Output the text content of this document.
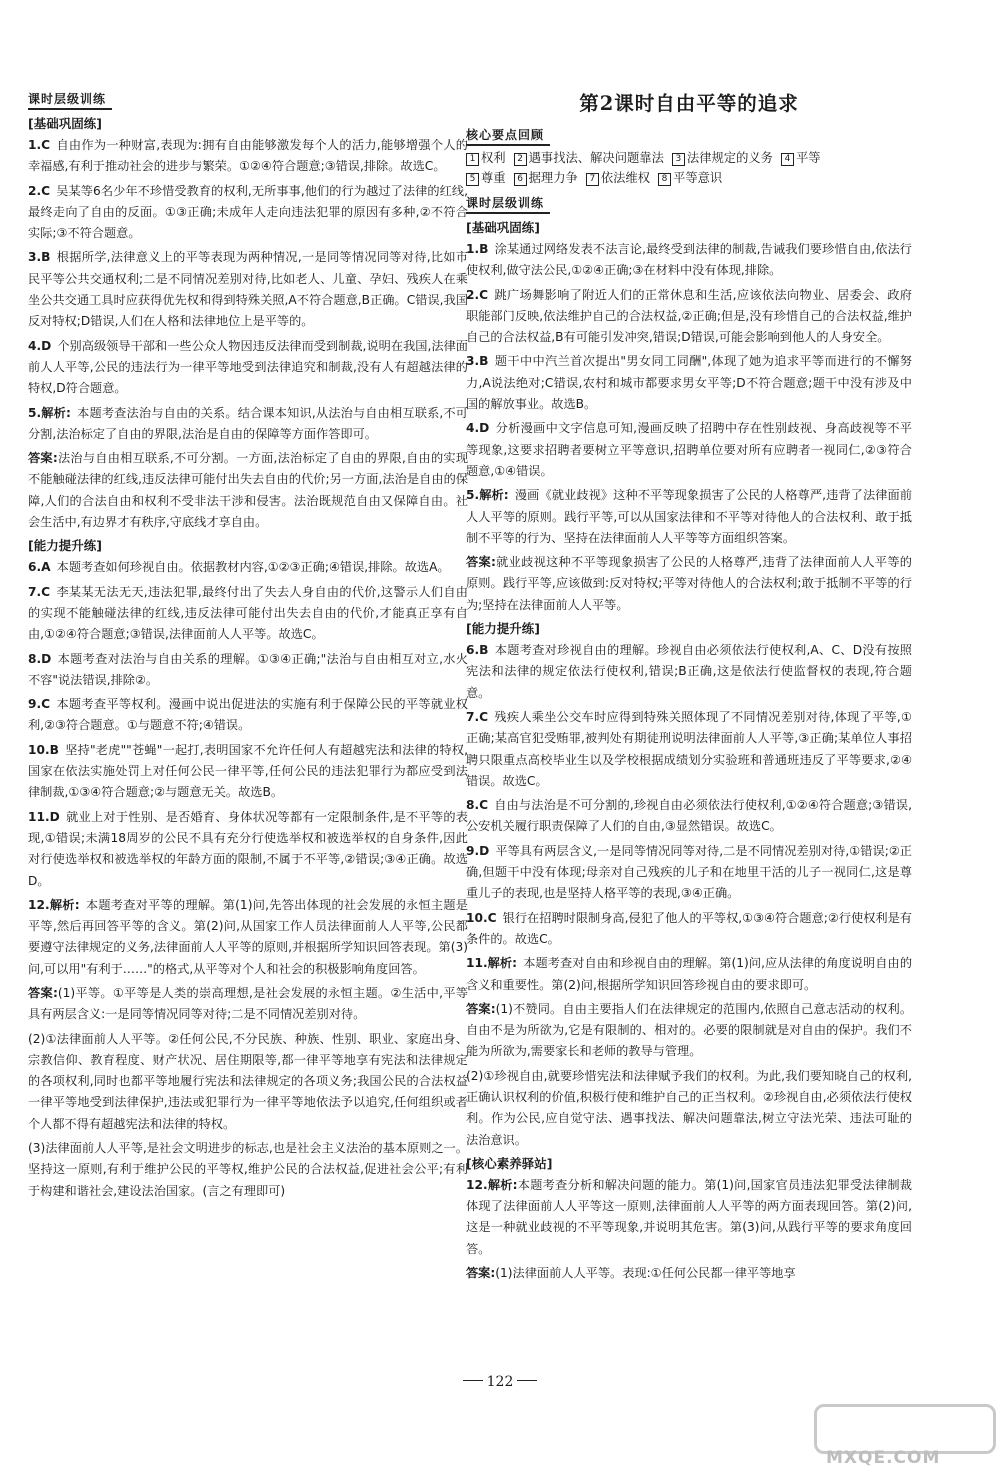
课时层级训练
[基础巩固练]

1.C  自由作为一种财富,表现为:拥有自由能够激发每个人的活力,能够增强个人的幸福感,有利于推动社会的进步与繁荣。①②④符合题意;③错误,排除。故选C。

2.C  吴某等6名少年不珍惜受教育的权利,无所事事,他们的行为越过了法律的红线,最终走向了自由的反面。①③正确;未成年人走向违法犯罪的原因有多种,②不符合实际;③不符合题意。

3.B  根据所学,法律意义上的平等表现为两种情况,一是同等情况同等对待,比如市民平等公共交通权利;二是不同情况差别对待,比如老人、儿童、孕妇、残疾人在乘坐公共交通工具时应获得优先权和得到特殊关照,A不符合题意,B正确。C错误,我国反对特权;D错误,人们在人格和法律地位上是平等的。

4.D  个别高级领导干部和一些公众人物因违反法律而受到制裁,说明在我国,法律面前人人平等,公民的违法行为一律平等地受到法律追究和制裁,没有人有超越法律的特权,D符合题意。

5.解析:  本题考查法治与自由的关系。结合课本知识,从法治与自由相互联系,不可分割,法治标定了自由的界限,法治是自由的保障等方面作答即可。

答案:法治与自由相互联系,不可分割。一方面,法治标定了自由的界限,自由的实现不能触碰法律的红线,违反法律可能付出失去自由的代价;另一方面,法治是自由的保障,人们的合法自由和权利不受非法干涉和侵害。法治既规范自由又保障自由。社会生活中,有边界才有秩序,守底线才享自由。

[能力提升练]

6.A  本题考查如何珍视自由。依据教材内容,①②③正确;④错误,排除。故选A。

7.C  李某某无法无天,违法犯罪,最终付出了失去人身自由的代价,这警示人们自由的实现不能触碰法律的红线,违反法律可能付出失去自由的代价,才能真正享有自由,①②④符合题意;③错误,法律面前人人平等。故选C。

8.D  本题考查对法治与自由关系的理解。①③④正确;"法治与自由相互对立,水火不容"说法错误,排除②。

9.C  本题考查平等权利。漫画中说出促进法的实施有利于保障公民的平等就业权利,②③符合题意。①与题意不符;④错误。

10.B  坚持"老虎""苍蝇"一起打,表明国家不允许任何人有超越宪法和法律的特权,国家在依法实施处罚上对任何公民一律平等,任何公民的违法犯罪行为都应受到法律制裁,①③④符合题意;②与题意无关。故选B。

11.D  就业上对于性别、是否婚育、身体状况等都有一定限制条件,是不平等的表现,①错误;未满18周岁的公民不具有充分行使选举权和被选举权的自身条件,因此对行使选举权和被选举权的年龄方面的限制,不属于不平等,②错误;③④正确。故选D。

12.解析:  本题考查对平等的理解。第(1)问,先答出体现的社会发展的永恒主题是平等,然后再回答平等的含义。第(2)问,从国家工作人员法律面前人人平等,公民都要遵守法律规定的义务,法律面前人人平等的原则,并根据所学知识回答表现。第(3)问,可以用"有利于……"的格式,从平等对个人和社会的积极影响角度回答。

答案:(1)平等。①平等是人类的崇高理想,是社会发展的永恒主题。②生活中,平等具有两层含义:一是同等情况同等对待;二是不同情况差别对待。

(2)①法律面前人人平等。②任何公民,不分民族、种族、性别、职业、家庭出身、宗教信仰、教育程度、财产状况、居住期限等,都一律平等地享有宪法和法律规定的各项权利,同时也都平等地履行宪法和法律规定的各项义务;我国公民的合法权益一律平等地受到法律保护,违法或犯罪行为一律平等地依法予以追究,任何组织或者个人都不得有超越宪法和法律的特权。

(3)法律面前人人平等,是社会文明进步的标志,也是社会主义法治的基本原则之一。坚持这一原则,有利于维护公民的平等权,维护公民的合法权益,促进社会公平;有利于构建和谐社会,建设法治国家。(言之有理即可)

第2课时自由平等的追求
核心要点回顾
1 权利 2 遇事找法、解决问题靠法 3 法律规定的义务 4 平等
5 尊重 6 据理力争 7 依法维权 8 平等意识
课时层级训练
[基础巩固练]

1.B  涂某通过网络发表不法言论,最终受到法律的制裁,告诫我们要珍惜自由,依法行使权利,做守法公民,①②④正确;③在材料中没有体现,排除。

2.C  跳广场舞影响了附近人们的正常休息和生活,应该依法向物业、居委会、政府职能部门反映,依法维护自己的合法权益,②正确;但是,没有珍惜自己的合法权益,维护自己的合法权益,B有可能引发冲突,错误;D错误,可能会影响到他人的人身安全。

3.B  题干中中汽兰首次提出"男女同工同酬",体现了她为追求平等而进行的不懈努力,A说法绝对;C错误,农村和城市都要求男女平等;D不符合题意;题干中没有涉及中国的解放事业。故选B。

4.D  分析漫画中文字信息可知,漫画反映了招聘中存在性别歧视、身高歧视等不平等现象,这要求招聘者要树立平等意识,招聘单位要对所有应聘者一视同仁,②③符合题意,①④错误。

5.解析:  漫画《就业歧视》这种不平等现象损害了公民的人格尊严,违背了法律面前人人平等的原则。践行平等,可以从国家法律和不平等对待他人的合法权利、敢于抵制不平等的行为、坚持在法律面前人人平等等方面组织答案。

答案:就业歧视这种不平等现象损害了公民的人格尊严,违背了法律面前人人平等的原则。践行平等,应该做到:反对特权;平等对待他人的合法权利;敢于抵制不平等的行为;坚持在法律面前人人平等。

[能力提升练]

6.B  本题考查对珍视自由的理解。珍视自由必须依法行使权利,A、C、D没有按照宪法和法律的规定依法行使权利,错误;B正确,这是依法行使监督权的表现,符合题意。

7.C  残疾人乘坐公交车时应得到特殊关照体现了不同情况差别对待,体现了平等,①正确;某高官犯受贿罪,被判处有期徒刑说明法律面前人人平等,③正确;某单位人事招聘只限重点高校毕业生以及学校根据成绩划分实验班和普通班违反了平等要求,②④错误。故选C。

8.C  自由与法治是不可分割的,珍视自由必须依法行使权利,①②④符合题意;③错误,公安机关履行职责保障了人们的自由,③显然错误。故选C。

9.D  平等具有两层含义,一是同等情况同等对待,二是不同情况差别对待,①错误;②正确,但题干中没有体现;母亲对自己残疾的儿子和在地里干活的儿子一视同仁,这是尊重儿子的表现,也是坚持人格平等的表现,③④正确。

10.C  银行在招聘时限制身高,侵犯了他人的平等权,①③④符合题意;②行使权利是有条件的。故选C。

11.解析:  本题考查对自由和珍视自由的理解。第(1)问,应从法律的角度说明自由的含义和重要性。第(2)问,根据所学知识回答珍视自由的要求即可。

答案:(1)不赞同。自由主要指人们在法律规定的范围内,依照自己意志活动的权利。自由不是为所欲为,它是有限制的、相对的。必要的限制就是对自由的保护。我们不能为所欲为,需要家长和老师的教导与管理。

(2)①珍视自由,就要珍惜宪法和法律赋予我们的权利。为此,我们要知晓自己的权利,正确认识权利的价值,积极行使和维护自己的正当权利。②珍视自由,必须依法行使权利。作为公民,应自觉守法、遇事找法、解决问题靠法,树立守法光荣、违法可耻的法治意识。

[核心素养驿站]

12.解析:本题考查分析和解决问题的能力。第(1)问,国家官员违法犯罪受法律制裁体现了法律面前人人平等这一原则,法律面前人人平等的两方面表现回答。第(2)问,这是一种就业歧视的不平等现象,并说明其危害。第(3)问,从践行平等的要求角度回答。

答案:(1)法律面前人人平等。表现:①任何公民都一律平等地享

122
MXQE.COM
